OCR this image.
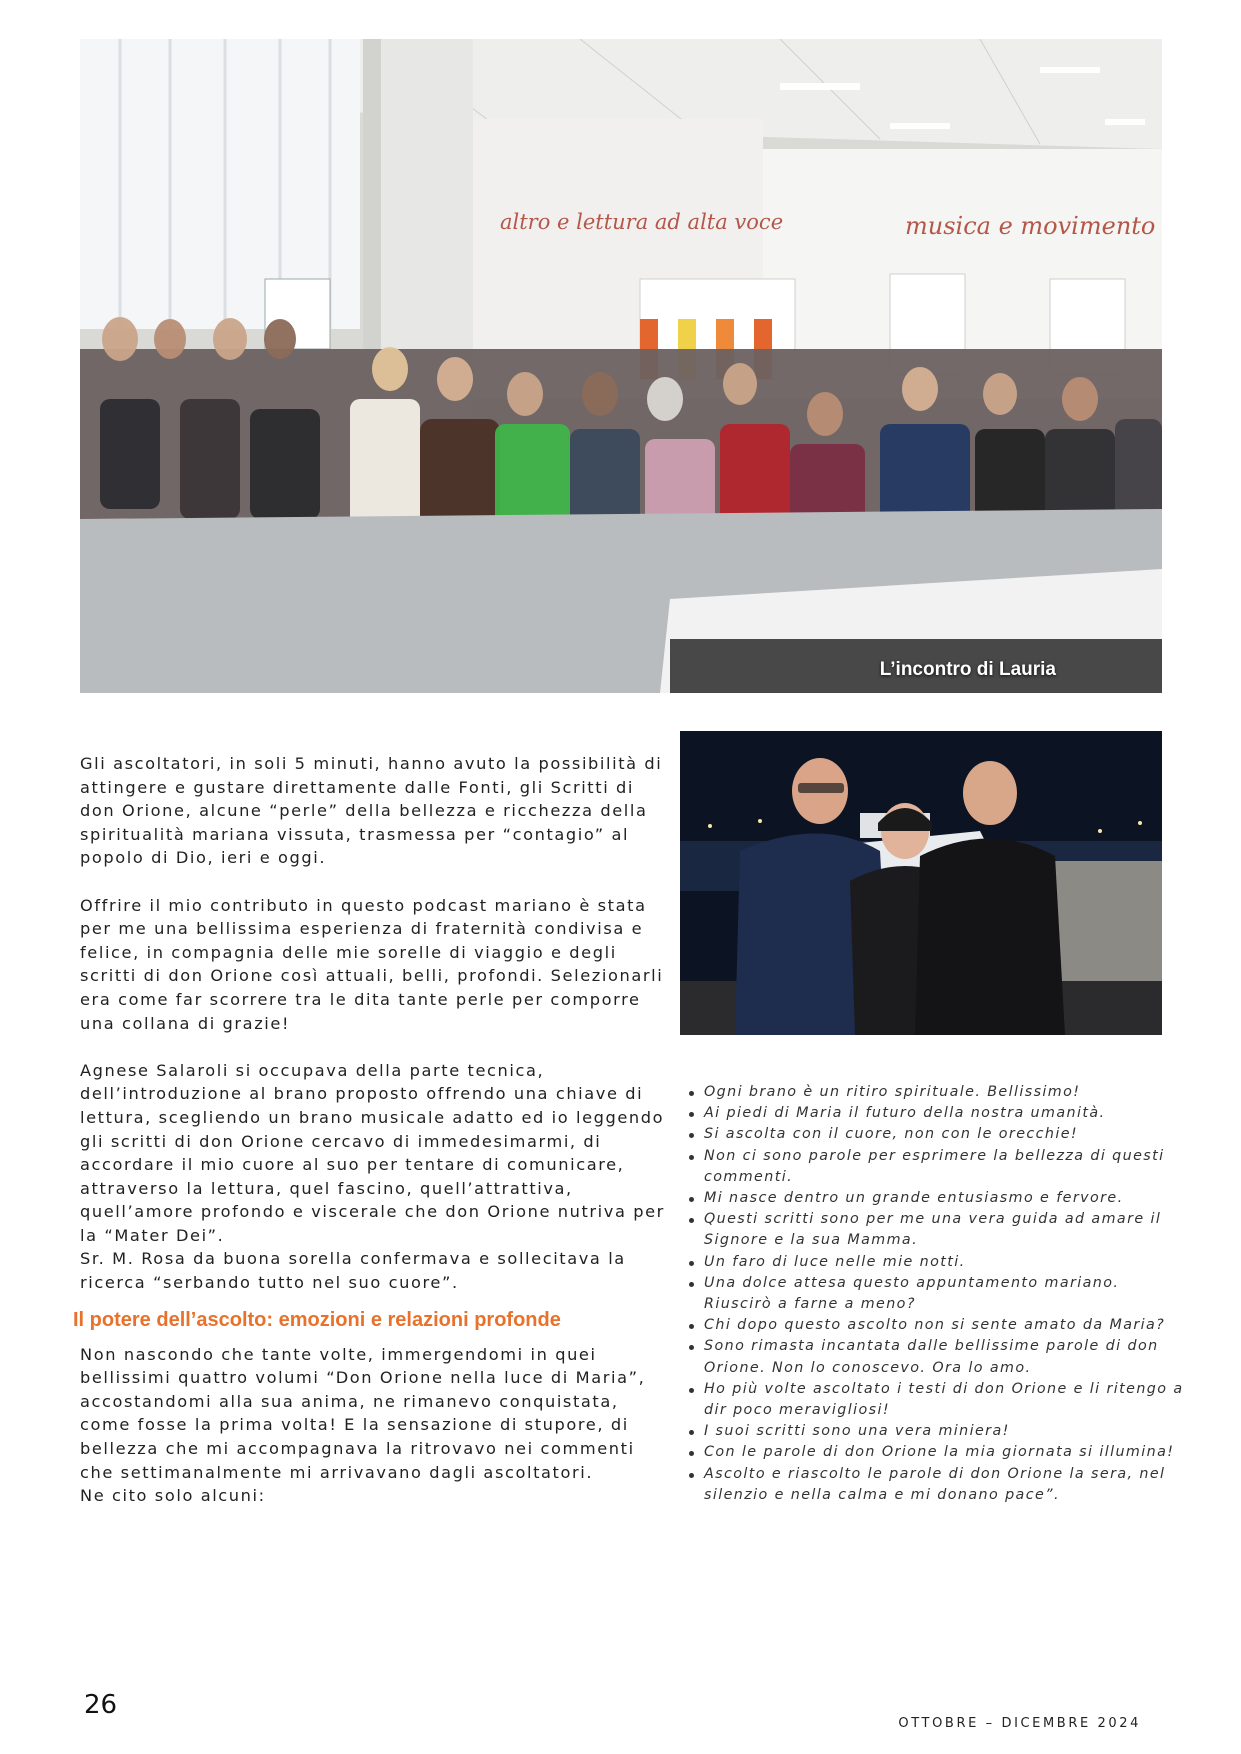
altro e lettura ad alta voce	musica e movimento
L’incontro di Lauria

Gli ascoltatori, in soli 5 minuti, hanno avuto la possibilità di attingere e gustare direttamente dalle Fonti, gli Scritti di don Orione, alcune “perle” della bellezza e ricchezza della spiritualità mariana vissuta, trasmessa per “contagio” al popolo di Dio, ieri e oggi.

Offrire il mio contributo in questo podcast mariano è stata per me una bellissima esperienza di fraternità condivisa e felice, in compagnia delle mie sorelle di viaggio e degli scritti di don Orione così attuali, belli, profondi. Selezionarli era come far scorrere tra le dita tante perle per comporre una collana di grazie!

Agnese Salaroli si occupava della parte tecnica, dell’introduzione al brano proposto offrendo una chiave di lettura, scegliendo un brano musicale adatto ed io leggendo gli scritti di don Orione cercavo di immedesimarmi, di accordare il mio cuore al suo per tentare di comunicare, attraverso la lettura, quel fascino, quell’attrattiva, quell’amore profondo e viscerale che don Orione nutriva per la “Mater Dei”.

Sr. M. Rosa da buona sorella confermava e sollecitava la ricerca “serbando tutto nel suo cuore”.

Il potere dell’ascolto: emozioni e relazioni profonde

Non nascondo che tante volte, immergendomi in quei bellissimi quattro volumi “Don Orione nella luce di Maria”, accostandomi alla sua anima, ne rimanevo conquistata, come fosse la prima volta! E la sensazione di stupore, di bellezza che mi accompagnava la ritrovavo nei commenti che settimanalmente mi arrivavano dagli ascoltatori.

Ne cito solo alcuni:

Ogni brano è un ritiro spirituale. Bellissimo!
Ai piedi di Maria il futuro della nostra umanità.
Si ascolta con il cuore, non con le orecchie!
Non ci sono parole per esprimere la bellezza di questi commenti.
Mi nasce dentro un grande entusiasmo e fervore.
Questi scritti sono per me una vera guida ad amare il Signore e la sua Mamma.
Un faro di luce nelle mie notti.
Una dolce attesa questo appuntamento mariano. Riuscirò a farne a meno?
Chi dopo questo ascolto non si sente amato da Maria?
Sono rimasta incantata dalle bellissime parole di don Orione. Non lo conoscevo. Ora lo amo.
Ho più volte ascoltato i testi di don Orione e li ritengo a dir poco meravigliosi!
I suoi scritti sono una vera miniera!
Con le parole di don Orione la mia giornata si illumina!
Ascolto e riascolto le parole di don Orione la sera, nel silenzio e nella calma e mi donano pace”.
26
OTTOBRE – DICEMBRE 2024
